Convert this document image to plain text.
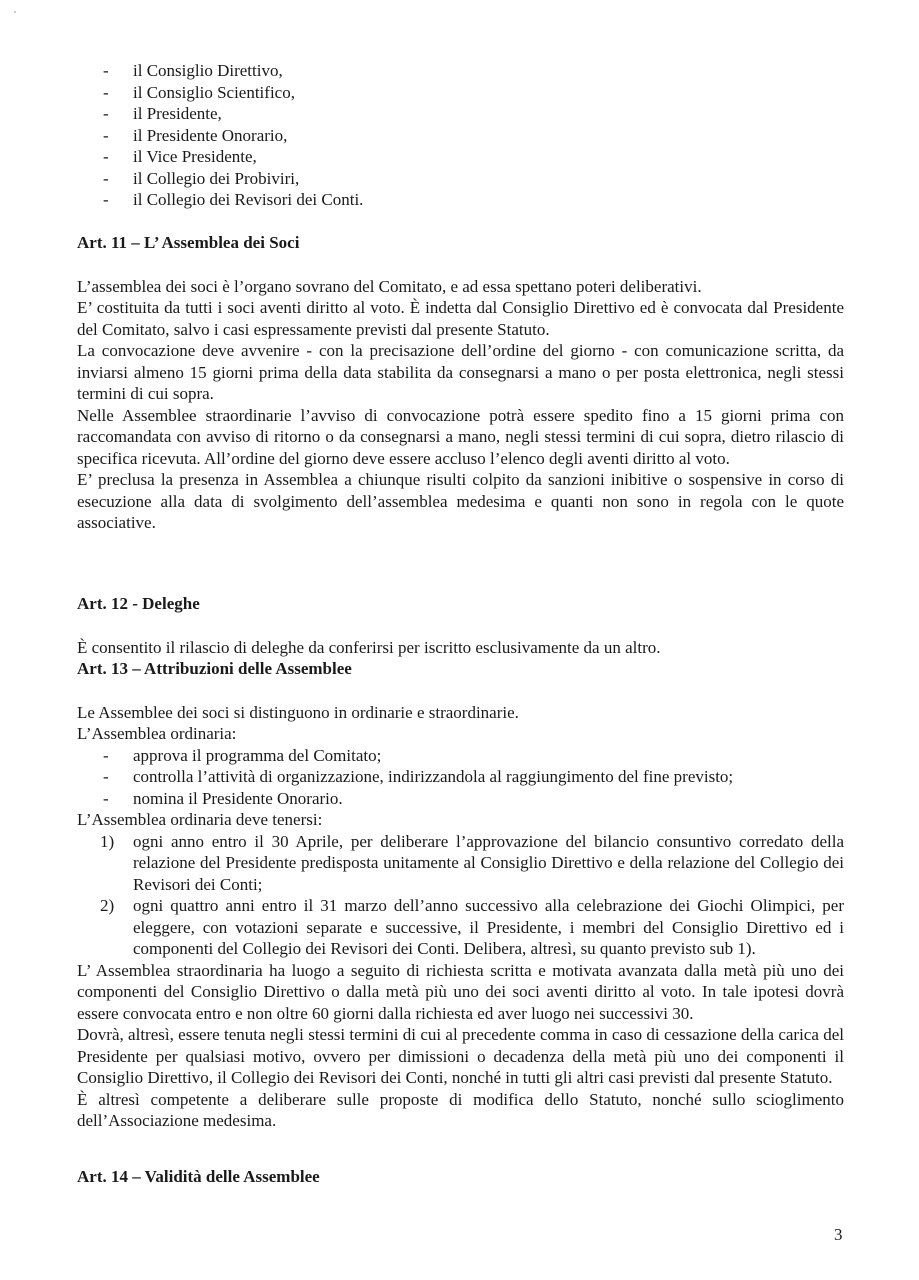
- il Consiglio Direttivo,
- il Consiglio Scientifico,
- il Presidente,
- il Presidente Onorario,
- il Vice Presidente,
- il Collegio dei Probiviri,
- il Collegio dei Revisori dei Conti.
Art. 11 – L’ Assemblea dei Soci

L’assemblea dei soci è l’organo sovrano del Comitato, e ad essa spettano poteri deliberativi.

E’ costituita da tutti i soci aventi diritto al voto. È indetta dal Consiglio Direttivo ed è convocata dal Presidente del Comitato, salvo i casi espressamente previsti dal presente Statuto.

La convocazione deve avvenire - con la precisazione dell’ordine del giorno - con comunicazione scritta, da inviarsi almeno 15 giorni prima della data stabilita da consegnarsi a mano o per posta elettronica, negli stessi termini di cui sopra.

Nelle Assemblee straordinarie l’avviso di convocazione potrà essere spedito fino a 15 giorni prima con raccomandata con avviso di ritorno o da consegnarsi a mano, negli stessi termini di cui sopra, dietro rilascio di specifica ricevuta. All’ordine del giorno deve essere accluso l’elenco degli aventi diritto al voto.

E’ preclusa la presenza in Assemblea a chiunque risulti colpito da sanzioni inibitive o sospensive in corso di esecuzione alla data di svolgimento dell’assemblea medesima e quanti non sono in regola con le quote associative.

Art. 12 - Deleghe

È consentito il rilascio di deleghe da conferirsi per iscritto esclusivamente da un altro.

Art. 13 – Attribuzioni delle Assemblee

Le Assemblee dei soci si distinguono in ordinarie e straordinarie.

L’Assemblea ordinaria:

- approva il programma del Comitato;
- controlla l’attività di organizzazione, indirizzandola al raggiungimento del fine previsto;
- nomina il Presidente Onorario.

L’Assemblea ordinaria deve tenersi:

1) ogni anno entro il 30 Aprile, per deliberare l’approvazione del bilancio consuntivo corredato della relazione del Presidente predisposta unitamente al Consiglio Direttivo e della relazione del Collegio dei Revisori dei Conti;
2) ogni quattro anni entro il 31 marzo dell’anno successivo alla celebrazione dei Giochi Olimpici, per eleggere, con votazioni separate e successive, il Presidente, i membri del Consiglio Direttivo ed i componenti del Collegio dei Revisori dei Conti. Delibera, altresì, su quanto previsto sub 1).

L’ Assemblea straordinaria ha luogo a seguito di richiesta scritta e motivata avanzata dalla metà più uno dei componenti del Consiglio Direttivo o dalla metà più uno dei soci aventi diritto al voto. In tale ipotesi dovrà essere convocata entro e non oltre 60 giorni dalla richiesta ed aver luogo nei successivi 30.

Dovrà, altresì, essere tenuta negli stessi termini di cui al precedente comma in caso di cessazione della carica del Presidente per qualsiasi motivo, ovvero per dimissioni o decadenza della metà più uno dei componenti il Consiglio Direttivo, il Collegio dei Revisori dei Conti, nonché in tutti gli altri casi previsti dal presente Statuto.

È altresì competente a deliberare sulle proposte di modifica dello Statuto, nonché sullo scioglimento dell’Associazione medesima.

Art. 14 – Validità delle Assemblee
3
